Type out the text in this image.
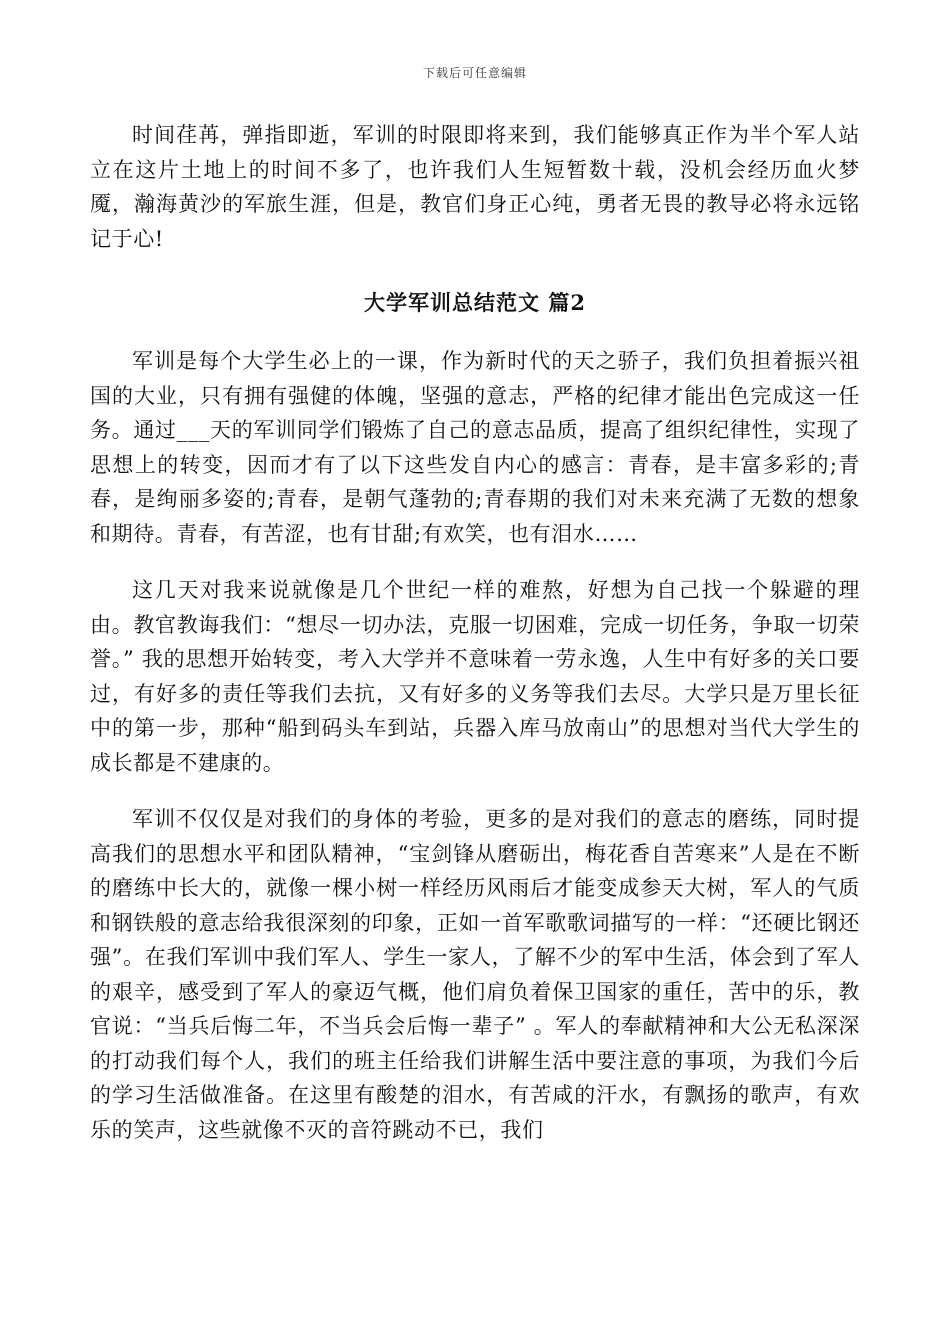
下载后可任意编辑

时间荏苒，弹指即逝，军训的时限即将来到，我们能够真正作为半个军人站立在这片土地上的时间不多了，也许我们人生短暂数十载，没机会经历血火梦魇，瀚海黄沙的军旅生涯，但是，教官们身正心纯，勇者无畏的教导必将永远铭记于心!

大学军训总结范文 篇2

军训是每个大学生必上的一课，作为新时代的天之骄子，我们负担着振兴祖国的大业，只有拥有强健的体魄，坚强的意志，严格的纪律才能出色完成这一任务。通过___天的军训同学们锻炼了自己的意志品质，提高了组织纪律性，实现了思想上的转变，因而才有了以下这些发自内心的感言：青春，是丰富多彩的;青春，是绚丽多姿的;青春，是朝气蓬勃的;青春期的我们对未来充满了无数的想象和期待。青春，有苦涩，也有甘甜;有欢笑，也有泪水……

这几天对我来说就像是几个世纪一样的难熬，好想为自己找一个躲避的理由。教官教诲我们：“想尽一切办法，克服一切困难，完成一切任务，争取一切荣誉。” 我的思想开始转变，考入大学并不意味着一劳永逸，人生中有好多的关口要过，有好多的责任等我们去抗，又有好多的义务等我们去尽。大学只是万里长征中的第一步，那种“船到码头车到站，兵器入库马放南山”的思想对当代大学生的成长都是不建康的。

军训不仅仅是对我们的身体的考验，更多的是对我们的意志的磨练，同时提高我们的思想水平和团队精神，“宝剑锋从磨砺出，梅花香自苦寒来”人是在不断的磨练中长大的，就像一棵小树一样经历风雨后才能变成参天大树，军人的气质和钢铁般的意志给我很深刻的印象，正如一首军歌歌词描写的一样：“还硬比钢还强”。在我们军训中我们军人、学生一家人，了解不少的军中生活，体会到了军人的艰辛，感受到了军人的豪迈气概，他们肩负着保卫国家的重任，苦中的乐，教官说：“当兵后悔二年，不当兵会后悔一辈子” 。军人的奉献精神和大公无私深深的打动我们每个人，我们的班主任给我们讲解生活中要注意的事项，为我们今后的学习生活做准备。在这里有酸楚的泪水，有苦咸的汗水，有飘扬的歌声，有欢乐的笑声，这些就像不灭的音符跳动不已，我们
